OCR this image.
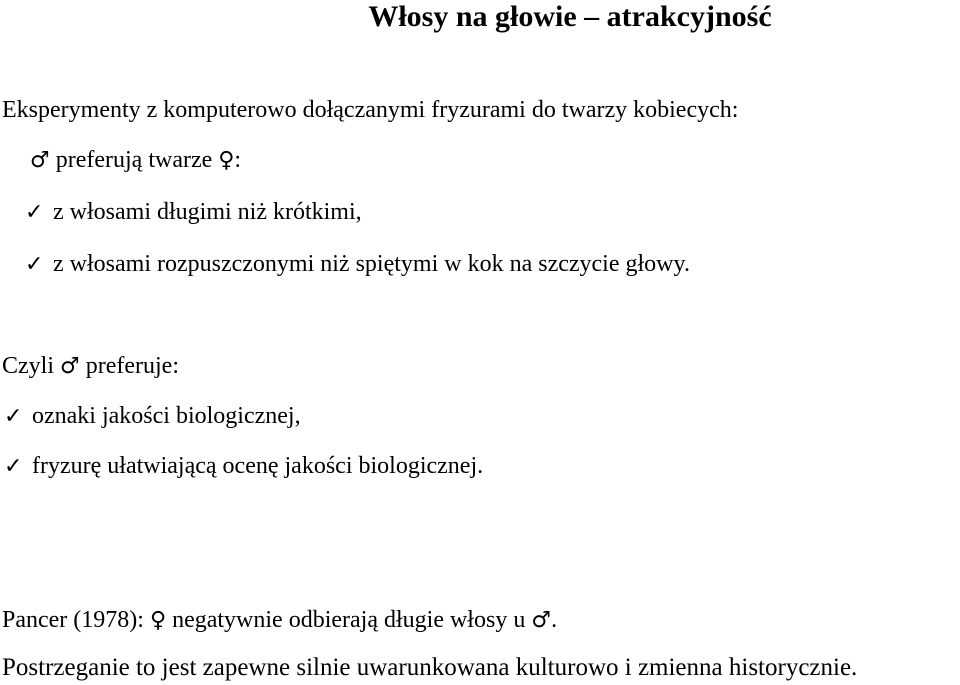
Włosy na głowie – atrakcyjność
Eksperymenty z komputerowo dołączanymi fryzurami do twarzy kobiecych:
♂ preferują twarze ♀:
✓ z włosami długimi niż krótkimi,
✓ z włosami rozpuszczonymi niż spiętymi w kok na szczycie głowy.
Czyli ♂ preferuje:
✓ oznaki jakości biologicznej,
✓ fryzurę ułatwiającą ocenę jakości biologicznej.
Pancer (1978): ♀ negatywnie odbierają długie włosy u ♂.
Postrzeganie to jest zapewne silnie uwarunkowana kulturowo i zmienna historycznie.
